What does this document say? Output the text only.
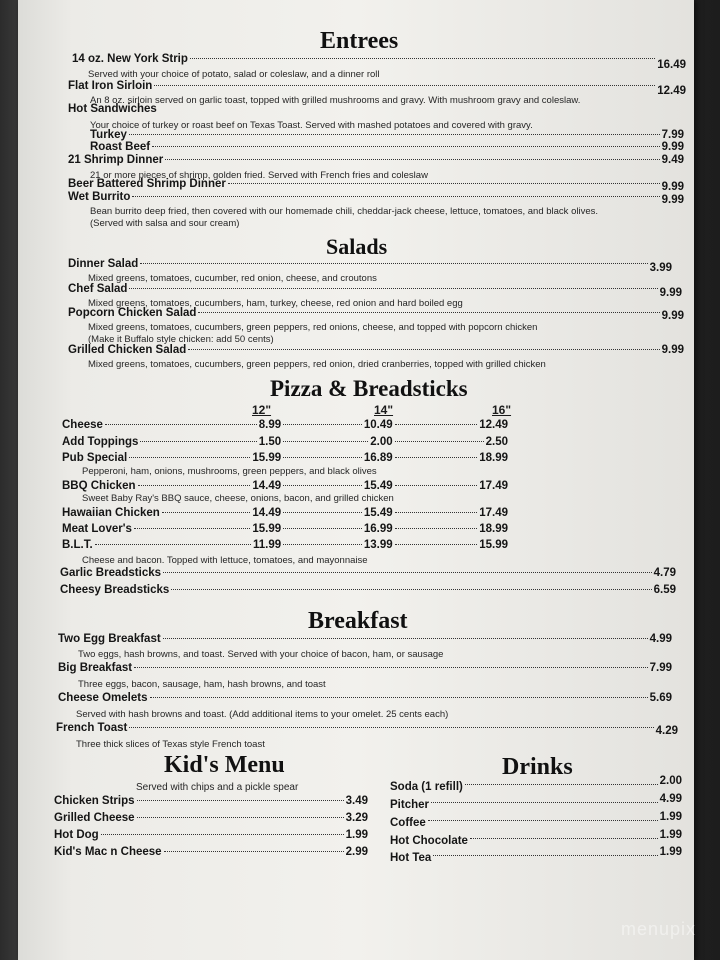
Entrees
14 oz. New York Strip	16.49
Served with your choice of potato, salad or coleslaw, and a dinner roll
Flat Iron Sirloin	12.49
An 8 oz. sirloin served on garlic toast, topped with grilled mushrooms and gravy. With mushroom gravy and coleslaw.
Hot Sandwiches
Your choice of turkey or roast beef on Texas Toast. Served with mashed potatoes and covered with gravy.
Turkey	7.99
Roast Beef	9.99
21 Shrimp Dinner	9.49
21 or more pieces of shrimp, golden fried. Served with French fries and coleslaw
Beer Battered Shrimp Dinner	9.99
Wet Burrito	9.99
Bean burrito deep fried, then covered with our homemade chili, cheddar-jack cheese, lettuce, tomatoes, and black olives.
(Served with salsa and sour cream)
Salads
Dinner Salad	3.99
Mixed greens, tomatoes, cucumber, red onion, cheese, and croutons
Chef Salad	9.99
Mixed greens, tomatoes, cucumbers, ham, turkey, cheese, red onion and hard boiled egg
Popcorn Chicken Salad	9.99
Mixed greens, tomatoes, cucumbers, green peppers, red onions, cheese, and topped with popcorn chicken
(Make it Buffalo style chicken: add 50 cents)
Grilled Chicken Salad	9.99
Mixed greens, tomatoes, cucumbers, green peppers, red onion, dried cranberries, topped with grilled chicken
Pizza & Breadsticks
12"	14"	16"
Cheese	8.99	10.49	12.49
Add Toppings	1.50	2.00	2.50
Pub Special	15.99	16.89	18.99
Pepperoni, ham, onions, mushrooms, green peppers, and black olives
BBQ Chicken	14.49	15.49	17.49
Sweet Baby Ray's BBQ sauce, cheese, onions, bacon, and grilled chicken
Hawaiian Chicken	14.49	15.49	17.49
Meat Lover's	15.99	16.99	18.99
B.L.T.	11.99	13.99	15.99
Cheese and bacon. Topped with lettuce, tomatoes, and mayonnaise
Garlic Breadsticks	4.79
Cheesy Breadsticks	6.59
Breakfast
Two Egg Breakfast	4.99
Two eggs, hash browns, and toast. Served with your choice of bacon, ham, or sausage
Big Breakfast	7.99
Three eggs, bacon, sausage, ham, hash browns, and toast
Cheese Omelets	5.69
Served with hash browns and toast. (Add additional items to your omelet. 25 cents each)
French Toast	4.29
Three thick slices of Texas style French toast
Kid's Menu
Served with chips and a pickle spear
Chicken Strips	3.49
Grilled Cheese	3.29
Hot Dog	1.99
Kid's Mac n Cheese	2.99
Drinks
Soda (1 refill)	2.00
Pitcher	4.99
Coffee	1.99
Hot Chocolate	1.99
Hot Tea	1.99
menupix
